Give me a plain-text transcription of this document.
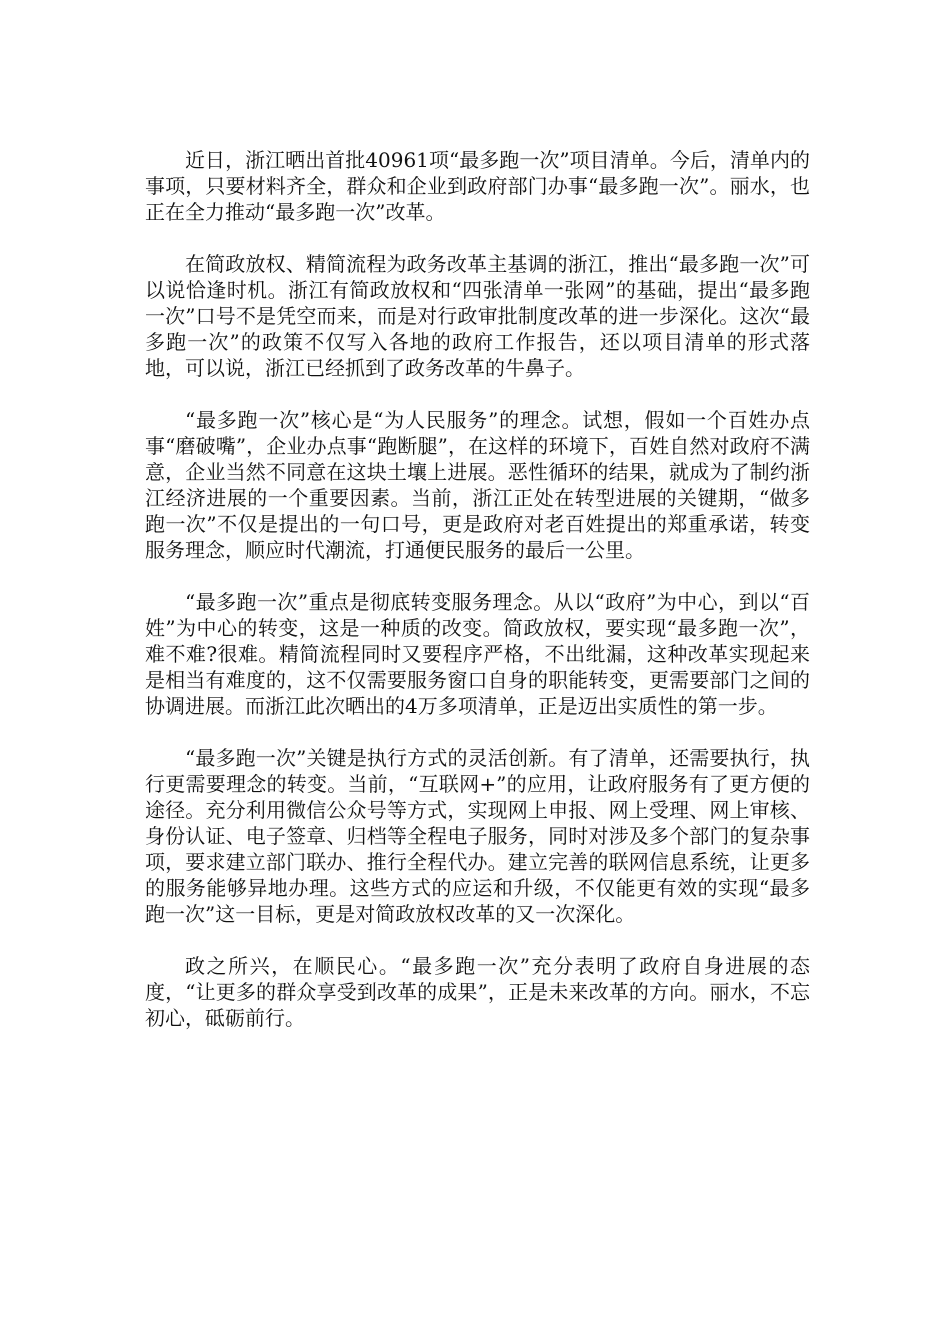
近日，浙江晒出首批40961项“最多跑一次”项目清单。今后，清单内的事项，只要材料齐全，群众和企业到政府部门办事“最多跑一次”。丽水，也正在全力推动“最多跑一次”改革。

在简政放权、精简流程为政务改革主基调的浙江，推出“最多跑一次”可以说恰逢时机。浙江有简政放权和“四张清单一张网”的基础，提出“最多跑一次”口号不是凭空而来，而是对行政审批制度改革的进一步深化。这次“最多跑一次”的政策不仅写入各地的政府工作报告，还以项目清单的形式落地，可以说，浙江已经抓到了政务改革的牛鼻子。

“最多跑一次”核心是“为人民服务”的理念。试想，假如一个百姓办点事“磨破嘴”，企业办点事“跑断腿”，在这样的环境下，百姓自然对政府不满意，企业当然不同意在这块土壤上进展。恶性循环的结果，就成为了制约浙江经济进展的一个重要因素。当前，浙江正处在转型进展的关键期，“做多跑一次”不仅是提出的一句口号，更是政府对老百姓提出的郑重承诺，转变服务理念，顺应时代潮流，打通便民服务的最后一公里。

“最多跑一次”重点是彻底转变服务理念。从以“政府”为中心，到以“百姓”为中心的转变，这是一种质的改变。简政放权，要实现“最多跑一次”，难不难?很难。精简流程同时又要程序严格，不出纰漏，这种改革实现起来是相当有难度的，这不仅需要服务窗口自身的职能转变，更需要部门之间的协调进展。而浙江此次晒出的4万多项清单，正是迈出实质性的第一步。

“最多跑一次”关键是执行方式的灵活创新。有了清单，还需要执行，执行更需要理念的转变。当前，“互联网+”的应用，让政府服务有了更方便的途径。充分利用微信公众号等方式，实现网上申报、网上受理、网上审核、身份认证、电子签章、归档等全程电子服务，同时对涉及多个部门的复杂事项，要求建立部门联办、推行全程代办。建立完善的联网信息系统，让更多的服务能够异地办理。这些方式的应运和升级，不仅能更有效的实现“最多跑一次”这一目标，更是对简政放权改革的又一次深化。

政之所兴，在顺民心。“最多跑一次”充分表明了政府自身进展的态度，“让更多的群众享受到改革的成果”，正是未来改革的方向。丽水，不忘初心，砥砺前行。
